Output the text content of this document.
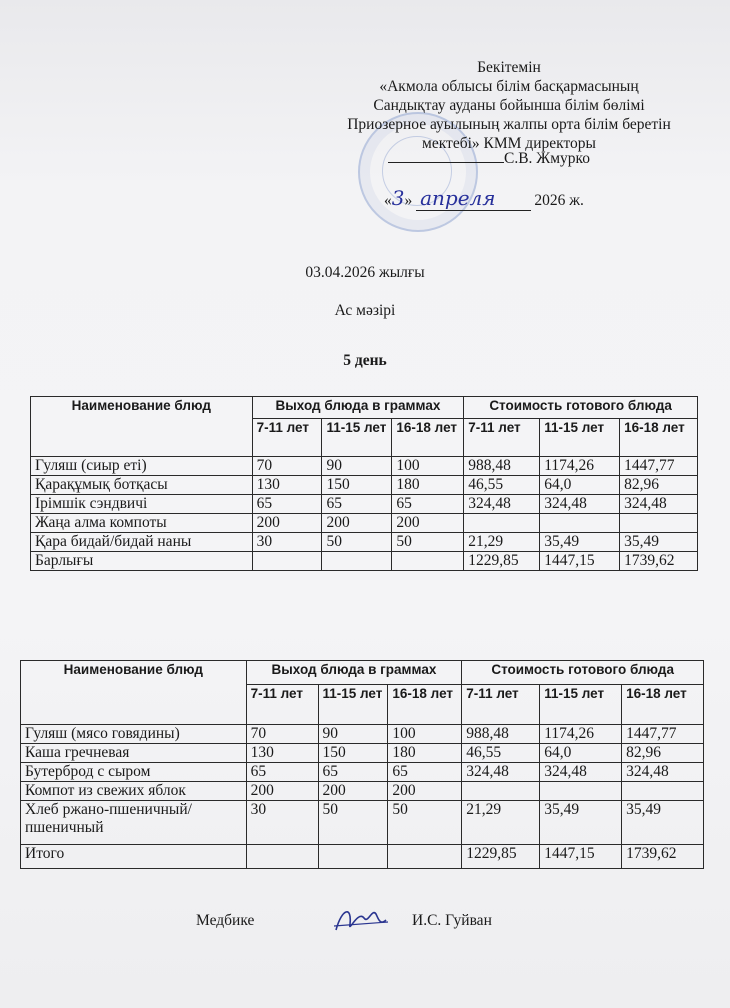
Бекітемін
«Акмола облысы білім басқармасының
Сандықтау ауданы бойынша білім бөлімі
Приозерное ауылының жалпы орта білім беретін
мектебі» КММ директоры
С.В. Жмурко
«3» апреля	2026 ж.
03.04.2026 жылғы
Ас мәзірі
5 день
Наименование блюд	Выход блюда в граммах			Стоимость готового блюда		
	7-11 лет	11-15 лет	16-18 лет	7-11 лет	11-15 лет	16-18 лет
Гуляш (сиыр еті)	70	90	100	988,48	1174,26	1447,77
Қарақұмық ботқасы	130	150	180	46,55	64,0	82,96
Ірімшік сэндвичі	65	65	65	324,48	324,48	324,48
Жаңа алма компоты	200	200	200			
Қара бидай/бидай наны	30	50	50	21,29	35,49	35,49
Барлығы				1229,85	1447,15	1739,62
Наименование блюд	Выход блюда в граммах			Стоимость готового блюда		
	7-11 лет	11-15 лет	16-18 лет	7-11 лет	11-15 лет	16-18 лет
Гуляш (мясо говядины)	70	90	100	988,48	1174,26	1447,77
Каша гречневая	130	150	180	46,55	64,0	82,96
Бутерброд с сыром	65	65	65	324,48	324,48	324,48
Компот из свежих яблок	200	200	200			
Хлеб ржано-пшеничный/пшеничный	30	50	50	21,29	35,49	35,49
Итого				1229,85	1447,15	1739,62
Медбике	И.С. Гуйван
